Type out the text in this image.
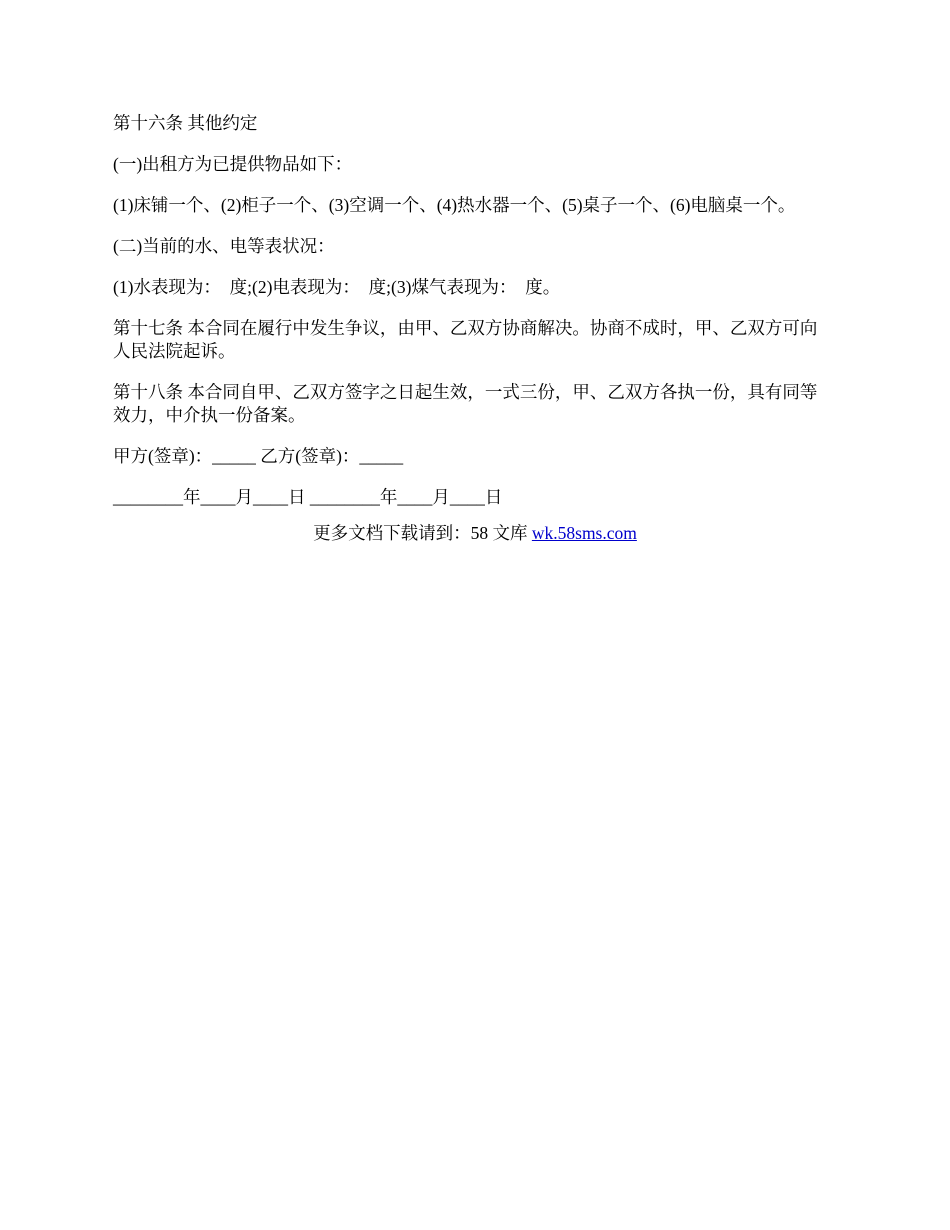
第十六条 其他约定

(一)出租方为已提供物品如下：

(1)床铺一个、(2)柜子一个、(3)空调一个、(4)热水器一个、(5)桌子一个、(6)电脑桌一个。

(二)当前的水、电等表状况：

(1)水表现为：  度;(2)电表现为：  度;(3)煤气表现为：  度。

第十七条 本合同在履行中发生争议，由甲、乙双方协商解决。协商不成时，甲、乙双方可向人民法院起诉。

第十八条 本合同自甲、乙双方签字之日起生效，一式三份，甲、乙双方各执一份，具有同等效力，中介执一份备案。

甲方(签章)：_____ 乙方(签章)：_____

________年____月____日 ________年____月____日

更多文档下载请到：58 文库 wk.58sms.com
